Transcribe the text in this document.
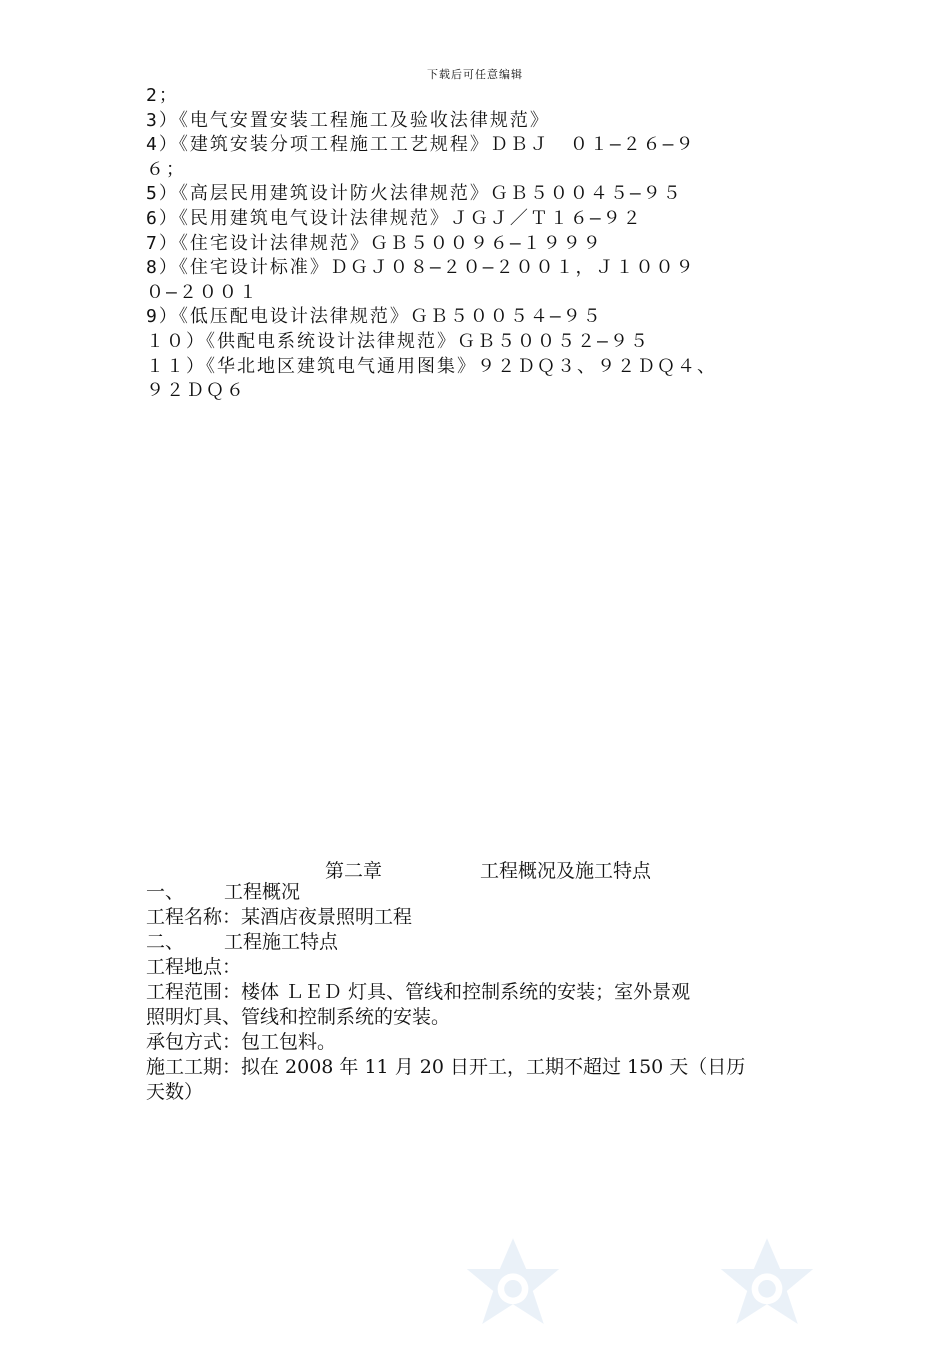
下载后可任意编辑
2；
3）《电气安置安装工程施工及验收法律规范》
4）《建筑安装分项工程施工工艺规程》ＤＢＪ　０１—２６—９
６；
5）《高层民用建筑设计防火法律规范》ＧＢ５００４５—９５
6）《民用建筑电气设计法律规范》ＪＧＪ／Ｔ１６—９２
7）《住宅设计法律规范》ＧＢ５００９６—１９９９
8）《住宅设计标准》ＤＧＪ０８—２０—２００１，Ｊ１００９
０—２００１
9）《低压配电设计法律规范》ＧＢ５００５４—９５
１０）《供配电系统设计法律规范》ＧＢ５００５２—９５
１１）《华北地区建筑电气通用图集》９２ＤＱ３、９２ＤＱ４、
９２ＤＱ６
第二章	工程概况及施工特点
一、 工程概况
工程名称：某酒店夜景照明工程
二、 工程施工特点
工程地点：
工程范围：楼体 ＬＥＤ 灯具、管线和控制系统的安装；室外景观
照明灯具、管线和控制系统的安装。
承包方式：包工包料。
施工工期：拟在 2008 年 11 月 20 日开工，工期不超过 150 天（日历
天数）
